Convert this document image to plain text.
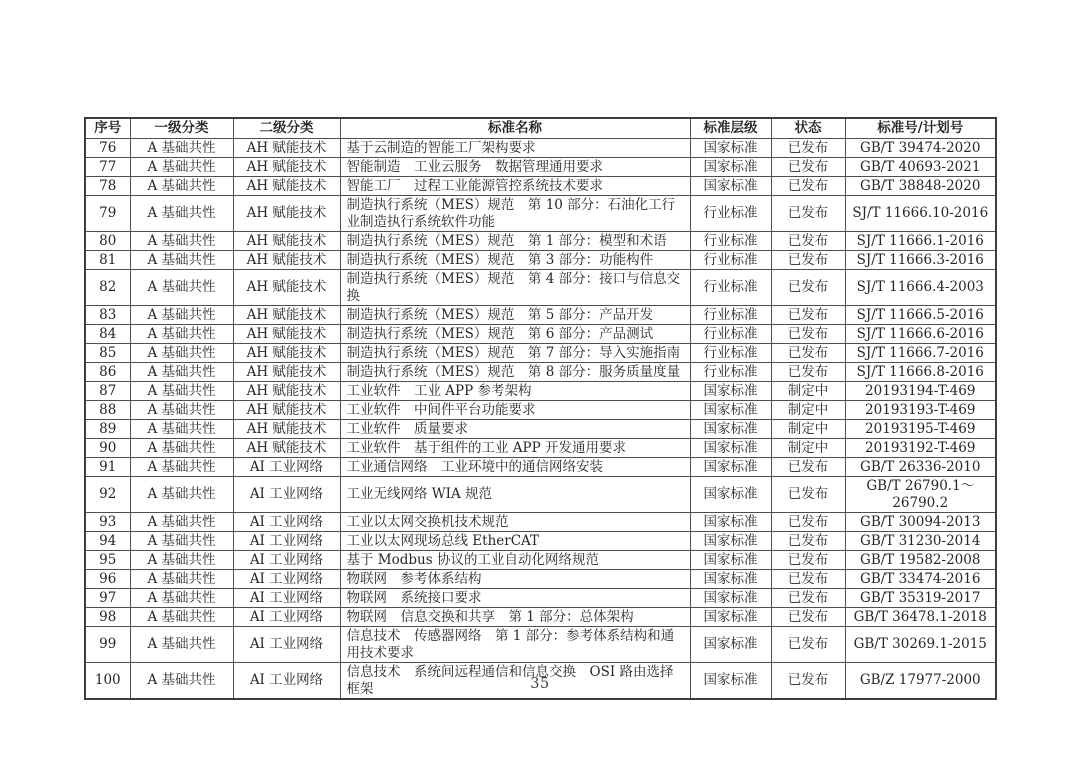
序号	一级分类	二级分类	标准名称	标准层级	状态	标准号/计划号
76	A 基础共性	AH 赋能技术	基于云制造的智能工厂架构要求	国家标准	已发布	GB/T 39474-2020
77	A 基础共性	AH 赋能技术	智能制造　工业云服务　数据管理通用要求	国家标准	已发布	GB/T 40693-2021
78	A 基础共性	AH 赋能技术	智能工厂　过程工业能源管控系统技术要求	国家标准	已发布	GB/T 38848-2020
79	A 基础共性	AH 赋能技术	制造执行系统（MES）规范　第 10 部分：石油化工行业制造执行系统软件功能	行业标准	已发布	SJ/T 11666.10-2016
80	A 基础共性	AH 赋能技术	制造执行系统（MES）规范　第 1 部分：模型和术语	行业标准	已发布	SJ/T 11666.1-2016
81	A 基础共性	AH 赋能技术	制造执行系统（MES）规范　第 3 部分：功能构件	行业标准	已发布	SJ/T 11666.3-2016
82	A 基础共性	AH 赋能技术	制造执行系统（MES）规范　第 4 部分：接口与信息交换	行业标准	已发布	SJ/T 11666.4-2003
83	A 基础共性	AH 赋能技术	制造执行系统（MES）规范　第 5 部分：产品开发	行业标准	已发布	SJ/T 11666.5-2016
84	A 基础共性	AH 赋能技术	制造执行系统（MES）规范　第 6 部分：产品测试	行业标准	已发布	SJ/T 11666.6-2016
85	A 基础共性	AH 赋能技术	制造执行系统（MES）规范　第 7 部分：导入实施指南	行业标准	已发布	SJ/T 11666.7-2016
86	A 基础共性	AH 赋能技术	制造执行系统（MES）规范　第 8 部分：服务质量度量	行业标准	已发布	SJ/T 11666.8-2016
87	A 基础共性	AH 赋能技术	工业软件　工业 APP 参考架构	国家标准	制定中	20193194-T-469
88	A 基础共性	AH 赋能技术	工业软件　中间件平台功能要求	国家标准	制定中	20193193-T-469
89	A 基础共性	AH 赋能技术	工业软件　质量要求	国家标准	制定中	20193195-T-469
90	A 基础共性	AH 赋能技术	工业软件　基于组件的工业 APP 开发通用要求	国家标准	制定中	20193192-T-469
91	A 基础共性	AI 工业网络	工业通信网络　工业环境中的通信网络安装	国家标准	已发布	GB/T 26336-2010
92	A 基础共性	AI 工业网络	工业无线网络 WIA 规范	国家标准	已发布	GB/T 26790.1～26790.2
93	A 基础共性	AI 工业网络	工业以太网交换机技术规范	国家标准	已发布	GB/T 30094-2013
94	A 基础共性	AI 工业网络	工业以太网现场总线 EtherCAT	国家标准	已发布	GB/T 31230-2014
95	A 基础共性	AI 工业网络	基于 Modbus 协议的工业自动化网络规范	国家标准	已发布	GB/T 19582-2008
96	A 基础共性	AI 工业网络	物联网　参考体系结构	国家标准	已发布	GB/T 33474-2016
97	A 基础共性	AI 工业网络	物联网　系统接口要求	国家标准	已发布	GB/T 35319-2017
98	A 基础共性	AI 工业网络	物联网　信息交换和共享　第 1 部分：总体架构	国家标准	已发布	GB/T 36478.1-2018
99	A 基础共性	AI 工业网络	信息技术　传感器网络　第 1 部分：参考体系结构和通用技术要求	国家标准	已发布	GB/T 30269.1-2015
100	A 基础共性	AI 工业网络	信息技术　系统间远程通信和信息交换　OSI 路由选择框架	国家标准	已发布	GB/Z 17977-2000
35
